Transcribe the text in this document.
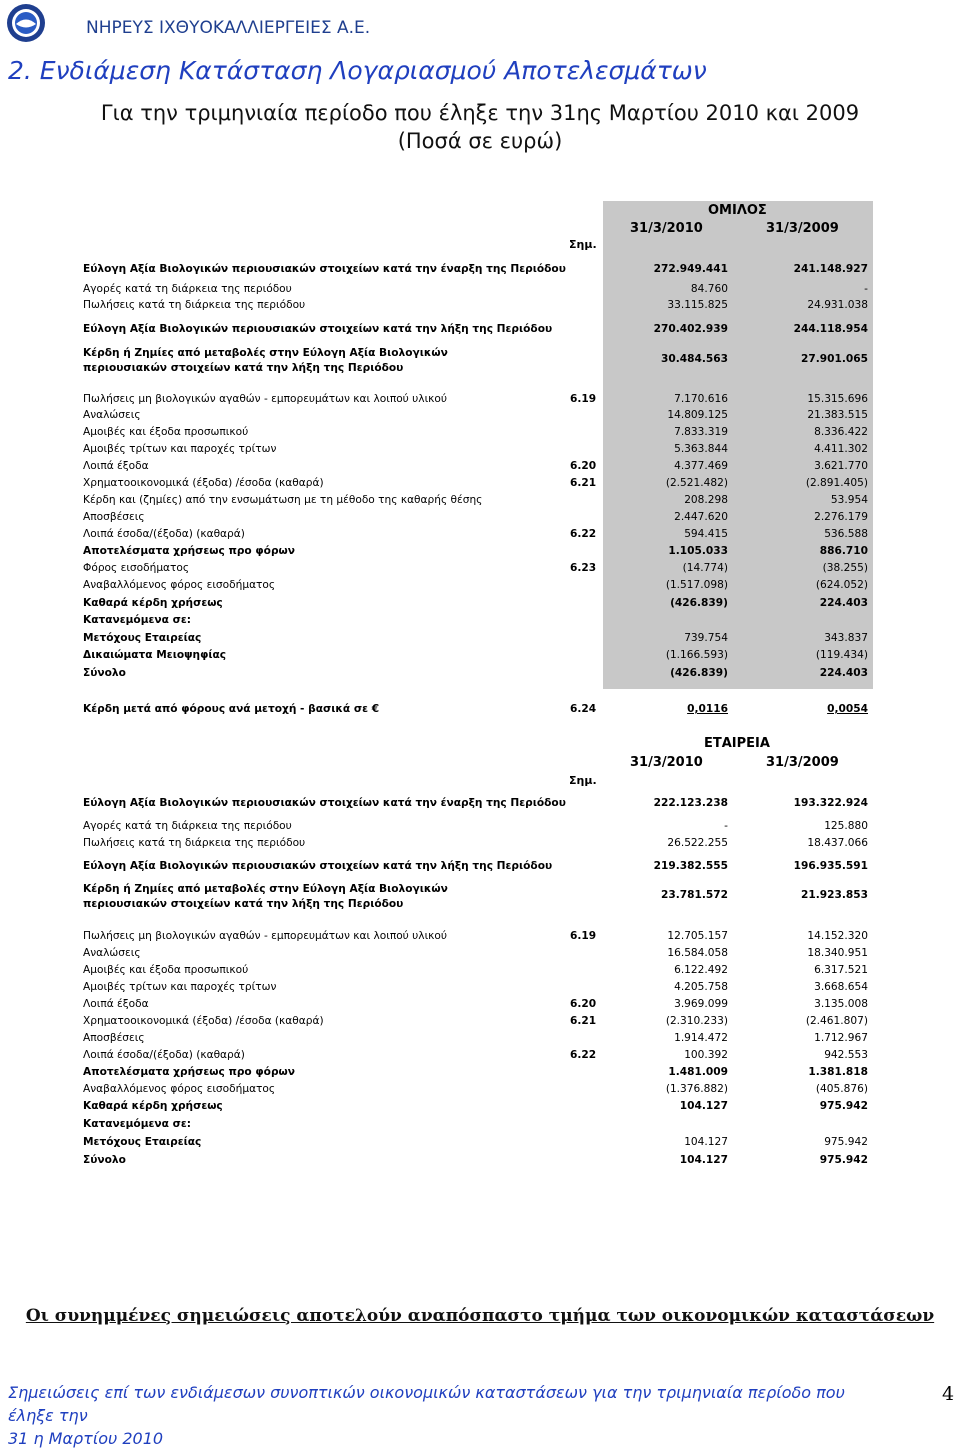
ΝΗΡΕΥΣ ΙΧΘΥΟΚΑΛΛΙΕΡΓΕΙΕΣ Α.Ε.
2. Ενδιάμεση Κατάσταση Λογαριασμού Αποτελεσμάτων
Για την τριμηνιαία περίοδο που έληξε την 31ης Μαρτίου 2010 και 2009
(Ποσά σε ευρώ)
ΟΜΙΛΟΣ
31/3/2010	31/3/2009
Σημ.
Εύλογη Αξία Βιολογικών περιουσιακών στοιχείων κατά την έναρξη της Περιόδου	272.949.441	241.148.927
Αγορές κατά τη διάρκεια της περιόδου	84.760	-
Πωλήσεις κατά τη διάρκεια της περιόδου	33.115.825	24.931.038
Εύλογη Αξία Βιολογικών περιουσιακών στοιχείων κατά την λήξη της Περιόδου	270.402.939	244.118.954
Κέρδη ή Ζημίες από μεταβολές στην Εύλογη Αξία Βιολογικών περιουσιακών στοιχείων κατά την λήξη της Περιόδου
30.484.563	27.901.065
Πωλήσεις μη βιολογικών αγαθών - εμπορευμάτων και λοιπού υλικού	6.19	7.170.616	15.315.696
Αναλώσεις	14.809.125	21.383.515
Αμοιβές και έξοδα προσωπικού	7.833.319	8.336.422
Αμοιβές τρίτων και παροχές τρίτων	5.363.844	4.411.302
Λοιπά έξοδα	6.20	4.377.469	3.621.770
Χρηματοοικονομικά (έξοδα) /έσοδα (καθαρά)	6.21	(2.521.482)	(2.891.405)
Κέρδη και (ζημίες) από την ενσωμάτωση με τη μέθοδο της καθαρής θέσης	208.298	53.954
Αποσβέσεις	2.447.620	2.276.179
Λοιπά έσοδα/(έξοδα) (καθαρά)	6.22	594.415	536.588
Αποτελέσματα χρήσεως προ φόρων	1.105.033	886.710
Φόρος εισοδήματος	6.23	(14.774)	(38.255)
Αναβαλλόμενος φόρος εισοδήματος	(1.517.098)	(624.052)
Καθαρά κέρδη χρήσεως	(426.839)	224.403
Κατανεμόμενα σε:
Μετόχους Εταιρείας	739.754	343.837
Δικαιώματα Μειοψηφίας	(1.166.593)	(119.434)
Σύνολο	(426.839)	224.403
Κέρδη μετά από φόρους ανά μετοχή - βασικά σε €	6.24	0,0116	0,0054
ΕΤΑΙΡΕΙΑ
31/3/2010	31/3/2009
Σημ.
Εύλογη Αξία Βιολογικών περιουσιακών στοιχείων κατά την έναρξη της Περιόδου	222.123.238	193.322.924
Αγορές κατά τη διάρκεια της περιόδου	-	125.880
Πωλήσεις κατά τη διάρκεια της περιόδου	26.522.255	18.437.066
Εύλογη Αξία Βιολογικών περιουσιακών στοιχείων κατά την λήξη της Περιόδου	219.382.555	196.935.591
Κέρδη ή Ζημίες από μεταβολές στην Εύλογη Αξία Βιολογικών περιουσιακών στοιχείων κατά την λήξη της Περιόδου
23.781.572	21.923.853
Πωλήσεις μη βιολογικών αγαθών - εμπορευμάτων και λοιπού υλικού	6.19	12.705.157	14.152.320
Αναλώσεις	16.584.058	18.340.951
Αμοιβές και έξοδα προσωπικού	6.122.492	6.317.521
Αμοιβές τρίτων και παροχές τρίτων	4.205.758	3.668.654
Λοιπά έξοδα	6.20	3.969.099	3.135.008
Χρηματοοικονομικά (έξοδα) /έσοδα (καθαρά)	6.21	(2.310.233)	(2.461.807)
Αποσβέσεις	1.914.472	1.712.967
Λοιπά έσοδα/(έξοδα) (καθαρά)	6.22	100.392	942.553
Αποτελέσματα χρήσεως προ φόρων	1.481.009	1.381.818
Αναβαλλόμενος φόρος εισοδήματος	(1.376.882)	(405.876)
Καθαρά κέρδη χρήσεως	104.127	975.942
Κατανεμόμενα σε:
Μετόχους Εταιρείας	104.127	975.942
Σύνολο	104.127	975.942
Οι συνημμένες σημειώσεις αποτελούν αναπόσπαστο τμήμα των οικονομικών καταστάσεων
Σημειώσεις επί των ενδιάμεσων συνοπτικών οικονομικών καταστάσεων για την τριμηνιαία περίοδο που έληξε την
31 η Μαρτίου 2010
4
